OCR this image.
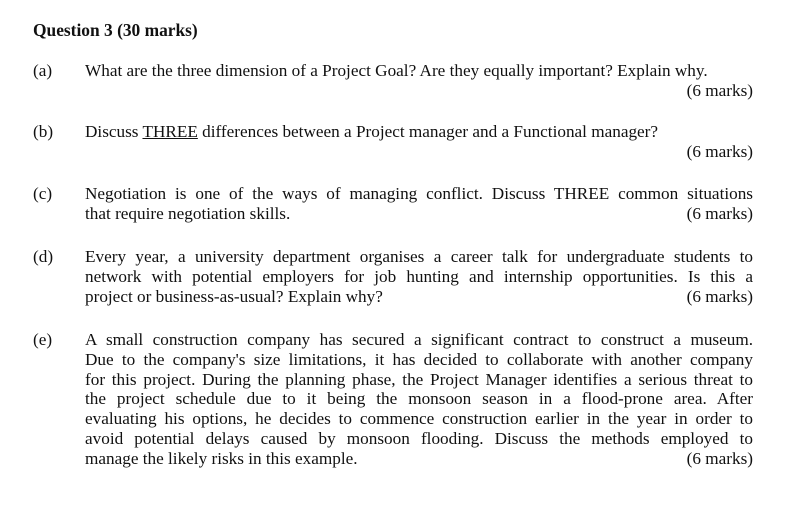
Question 3 (30 marks)
(a)	What are the three dimension of a Project Goal? Are they equally important? Explain why.
(6 marks)
(b)	Discuss THREE differences between a Project manager and a Functional manager?
(6 marks)
(c)	Negotiation is one of the ways of managing conflict. Discuss THREE common situations
that require negotiation skills.	(6 marks)
(d)	Every year, a university department organises a career talk for undergraduate students to
network with potential employers for job hunting and internship opportunities. Is this a
project or business-as-usual? Explain why?	(6 marks)
(e)	A small construction company has secured a significant contract to construct a museum.
Due to the company's size limitations, it has decided to collaborate with another company
for this project. During the planning phase, the Project Manager identifies a serious threat to
the project schedule due to it being the monsoon season in a flood-prone area. After
evaluating his options, he decides to commence construction earlier in the year in order to
avoid potential delays caused by monsoon flooding. Discuss the methods employed to
manage the likely risks in this example.	(6 marks)
